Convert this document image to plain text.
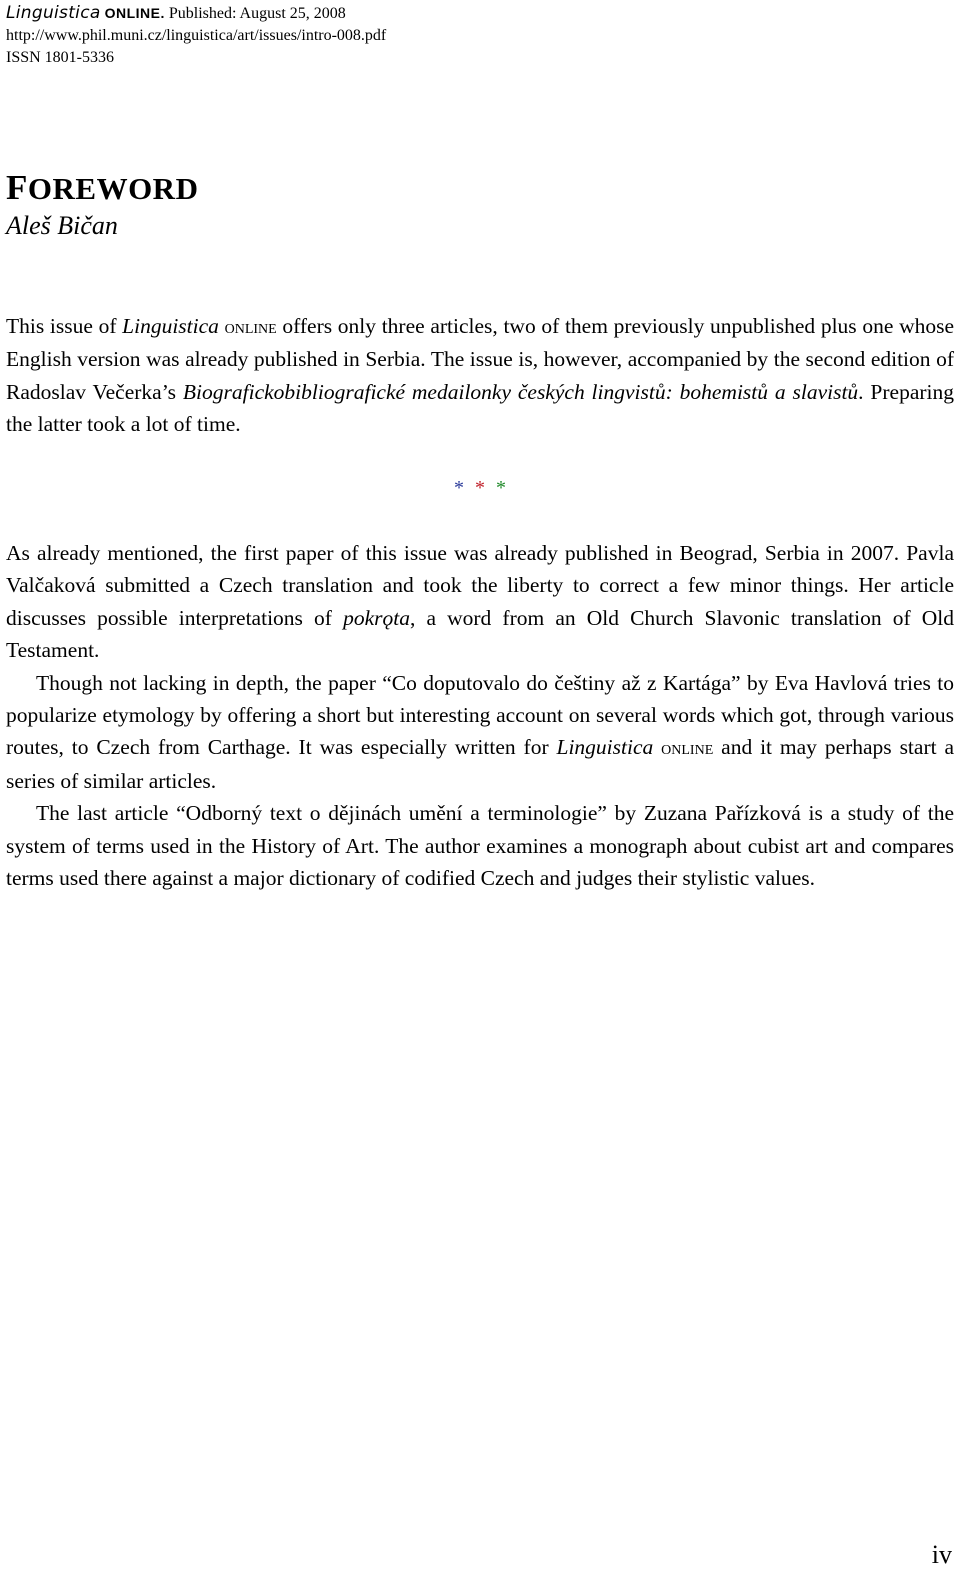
Linguistica ONLINE. Published: August 25, 2008
http://www.phil.muni.cz/linguistica/art/issues/intro-008.pdf
ISSN 1801-5336
FOREWORD
Aleš Bičan

This issue of Linguistica online offers only three articles, two of them previously unpublished plus one whose English version was already published in Serbia. The issue is, however, accompanied by the second edition of Radoslav Večerka’s Biografickobibliografické medailonky českých lingvistů: bohemistů a slavistů. Preparing the latter took a lot of time.

* * *

As already mentioned, the first paper of this issue was already published in Beograd, Serbia in 2007. Pavla Valčaková submitted a Czech translation and took the liberty to correct a few minor things. Her article discusses possible interpretations of pokrǫta, a word from an Old Church Slavonic translation of Old Testament.

Though not lacking in depth, the paper “Co doputovalo do češtiny až z Kartága” by Eva Havlová tries to popularize etymology by offering a short but interesting account on several words which got, through various routes, to Czech from Carthage. It was especially written for Linguistica online and it may perhaps start a series of similar articles.

The last article “Odborný text o dějinách umění a terminologie” by Zuzana Pařízková is a study of the system of terms used in the History of Art. The author examines a monograph about cubist art and compares terms used there against a major dictionary of codified Czech and judges their stylistic values.

iv
